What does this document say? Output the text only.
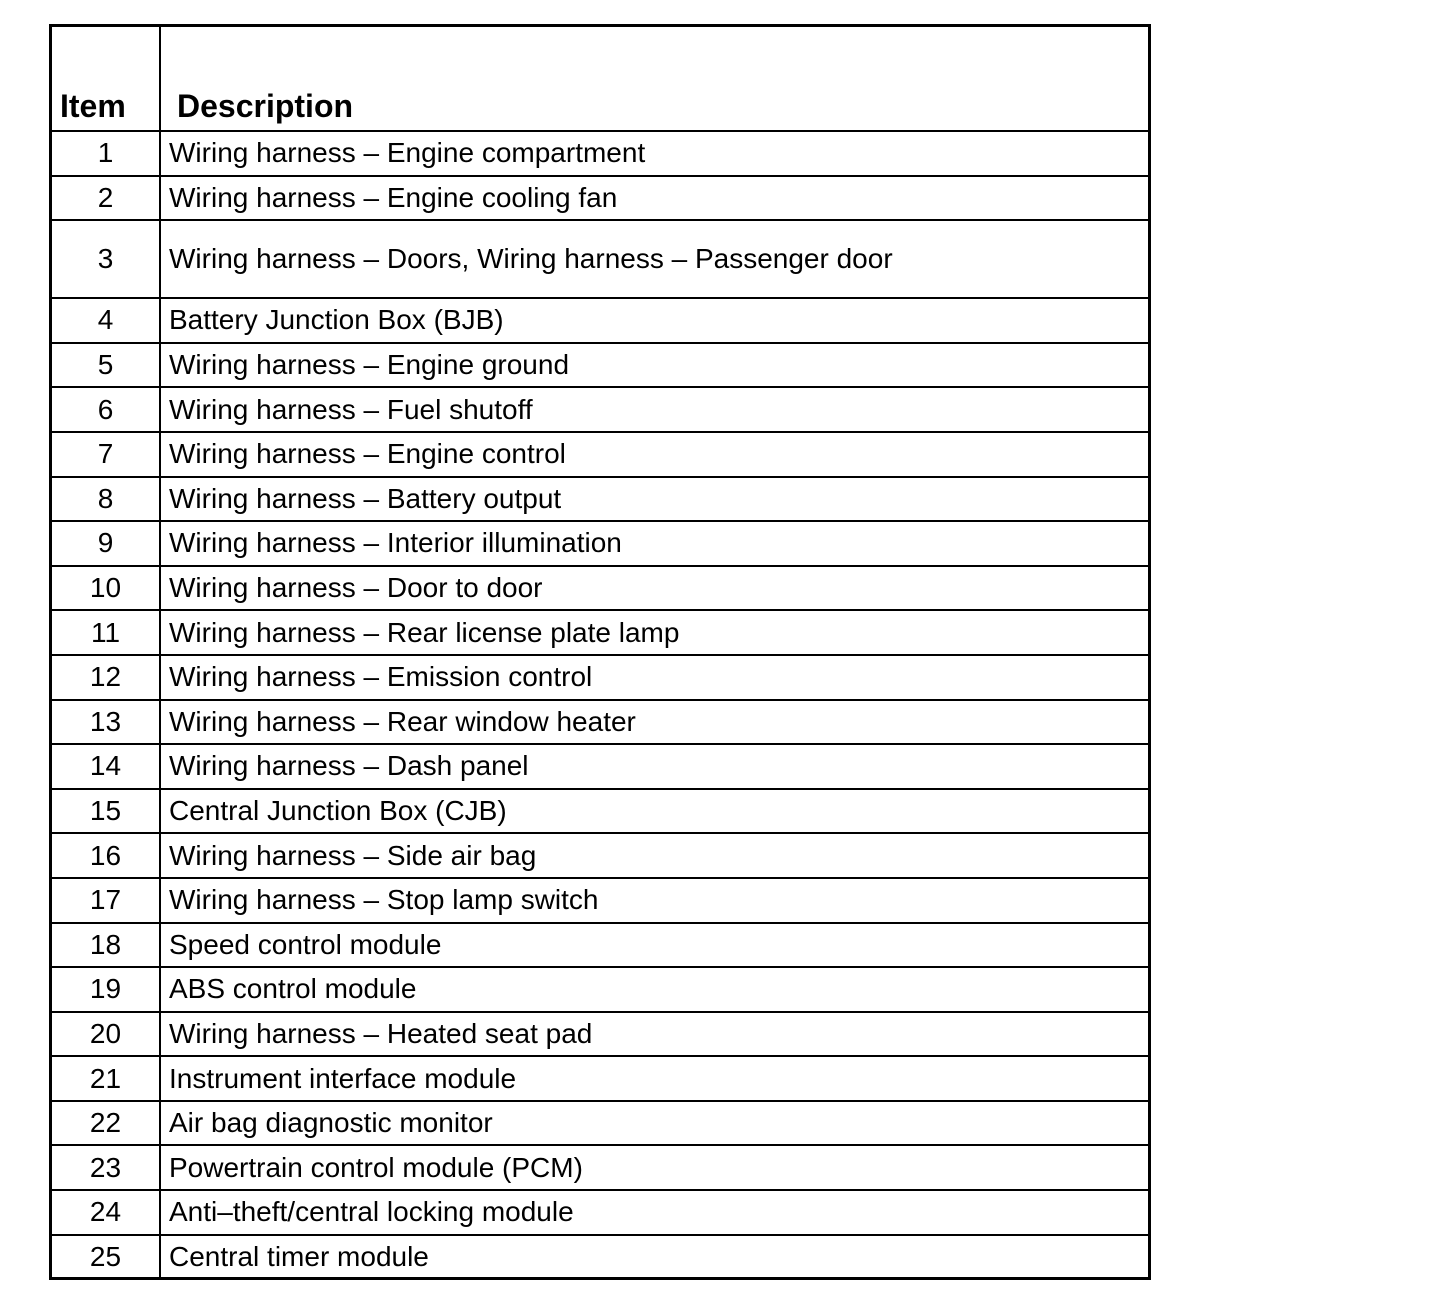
Item	Description
1	Wiring harness – Engine compartment
2	Wiring harness – Engine cooling fan
3	Wiring harness – Doors, Wiring harness – Passenger door
4	Battery Junction Box (BJB)
5	Wiring harness – Engine ground
6	Wiring harness – Fuel shutoff
7	Wiring harness – Engine control
8	Wiring harness – Battery output
9	Wiring harness – Interior illumination
10	Wiring harness – Door to door
11	Wiring harness – Rear license plate lamp
12	Wiring harness – Emission control
13	Wiring harness – Rear window heater
14	Wiring harness – Dash panel
15	Central Junction Box (CJB)
16	Wiring harness – Side air bag
17	Wiring harness – Stop lamp switch
18	Speed control module
19	ABS control module
20	Wiring harness – Heated seat pad
21	Instrument interface module
22	Air bag diagnostic monitor
23	Powertrain control module (PCM)
24	Anti–theft/central locking module
25	Central timer module
